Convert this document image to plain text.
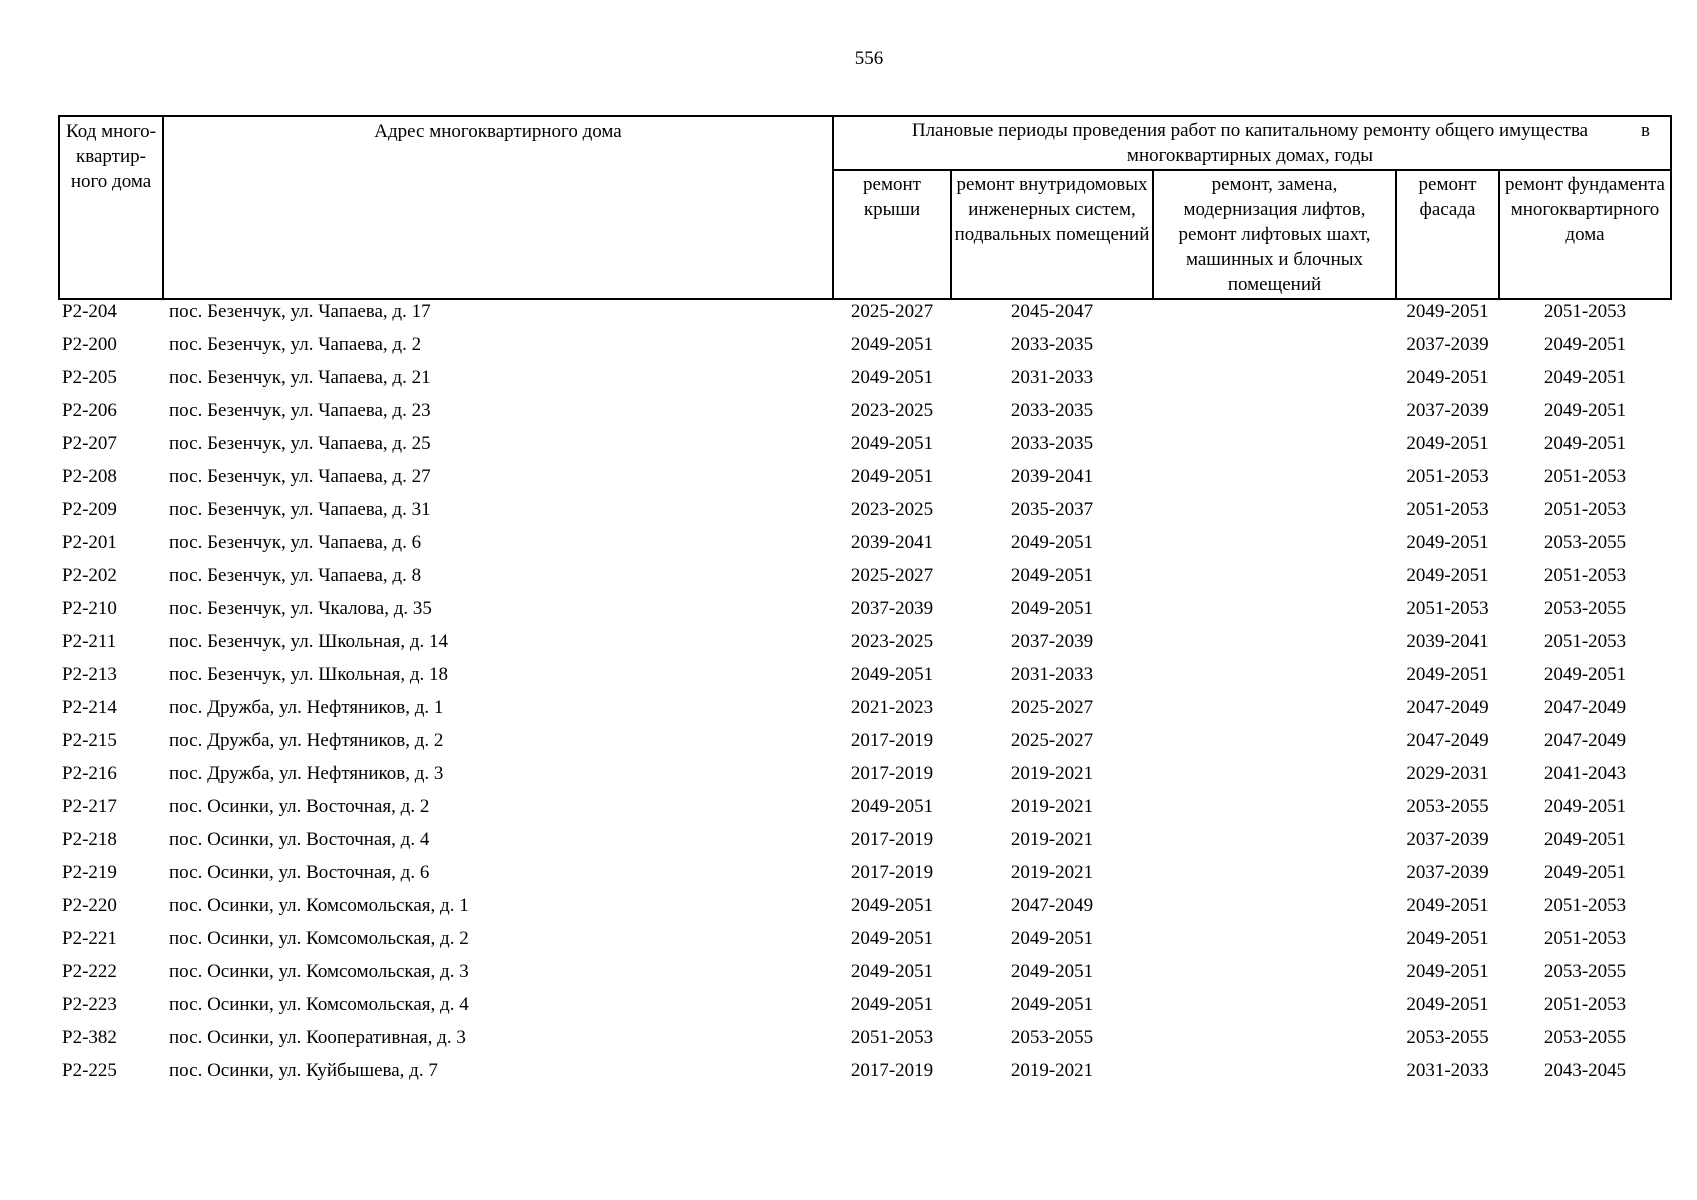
556
Код много-квартир-ного дома	Адрес многоквартирного дома	Плановые периоды проведения работ по капитальному ремонту общего имущества в
многоквартирных домах, годы				

		ремонт крыши	ремонт внутридомовых инженерных систем, подвальных помещений	ремонт, замена, модернизация лифтов, ремонт лифтовых шахт, машинных и блочных помещений	ремонт фасада	ремонт фундамента многоквартирного дома
Р2-204	пос. Безенчук, ул. Чапаева, д. 17	2025-2027	2045-2047		2049-2051	2051-2053
Р2-200	пос. Безенчук, ул. Чапаева, д. 2	2049-2051	2033-2035		2037-2039	2049-2051
Р2-205	пос. Безенчук, ул. Чапаева, д. 21	2049-2051	2031-2033		2049-2051	2049-2051
Р2-206	пос. Безенчук, ул. Чапаева, д. 23	2023-2025	2033-2035		2037-2039	2049-2051
Р2-207	пос. Безенчук, ул. Чапаева, д. 25	2049-2051	2033-2035		2049-2051	2049-2051
Р2-208	пос. Безенчук, ул. Чапаева, д. 27	2049-2051	2039-2041		2051-2053	2051-2053
Р2-209	пос. Безенчук, ул. Чапаева, д. 31	2023-2025	2035-2037		2051-2053	2051-2053
Р2-201	пос. Безенчук, ул. Чапаева, д. 6	2039-2041	2049-2051		2049-2051	2053-2055
Р2-202	пос. Безенчук, ул. Чапаева, д. 8	2025-2027	2049-2051		2049-2051	2051-2053
Р2-210	пос. Безенчук, ул. Чкалова, д. 35	2037-2039	2049-2051		2051-2053	2053-2055
Р2-211	пос. Безенчук, ул. Школьная, д. 14	2023-2025	2037-2039		2039-2041	2051-2053
Р2-213	пос. Безенчук, ул. Школьная, д. 18	2049-2051	2031-2033		2049-2051	2049-2051
Р2-214	пос. Дружба, ул. Нефтяников, д. 1	2021-2023	2025-2027		2047-2049	2047-2049
Р2-215	пос. Дружба, ул. Нефтяников, д. 2	2017-2019	2025-2027		2047-2049	2047-2049
Р2-216	пос. Дружба, ул. Нефтяников, д. 3	2017-2019	2019-2021		2029-2031	2041-2043
Р2-217	пос. Осинки, ул. Восточная, д. 2	2049-2051	2019-2021		2053-2055	2049-2051
Р2-218	пос. Осинки, ул. Восточная, д. 4	2017-2019	2019-2021		2037-2039	2049-2051
Р2-219	пос. Осинки, ул. Восточная, д. 6	2017-2019	2019-2021		2037-2039	2049-2051
Р2-220	пос. Осинки, ул. Комсомольская, д. 1	2049-2051	2047-2049		2049-2051	2051-2053
Р2-221	пос. Осинки, ул. Комсомольская, д. 2	2049-2051	2049-2051		2049-2051	2051-2053
Р2-222	пос. Осинки, ул. Комсомольская, д. 3	2049-2051	2049-2051		2049-2051	2053-2055
Р2-223	пос. Осинки, ул. Комсомольская, д. 4	2049-2051	2049-2051		2049-2051	2051-2053
Р2-382	пос. Осинки, ул. Кооперативная, д. 3	2051-2053	2053-2055		2053-2055	2053-2055
Р2-225	пос. Осинки, ул. Куйбышева, д. 7	2017-2019	2019-2021		2031-2033	2043-2045
